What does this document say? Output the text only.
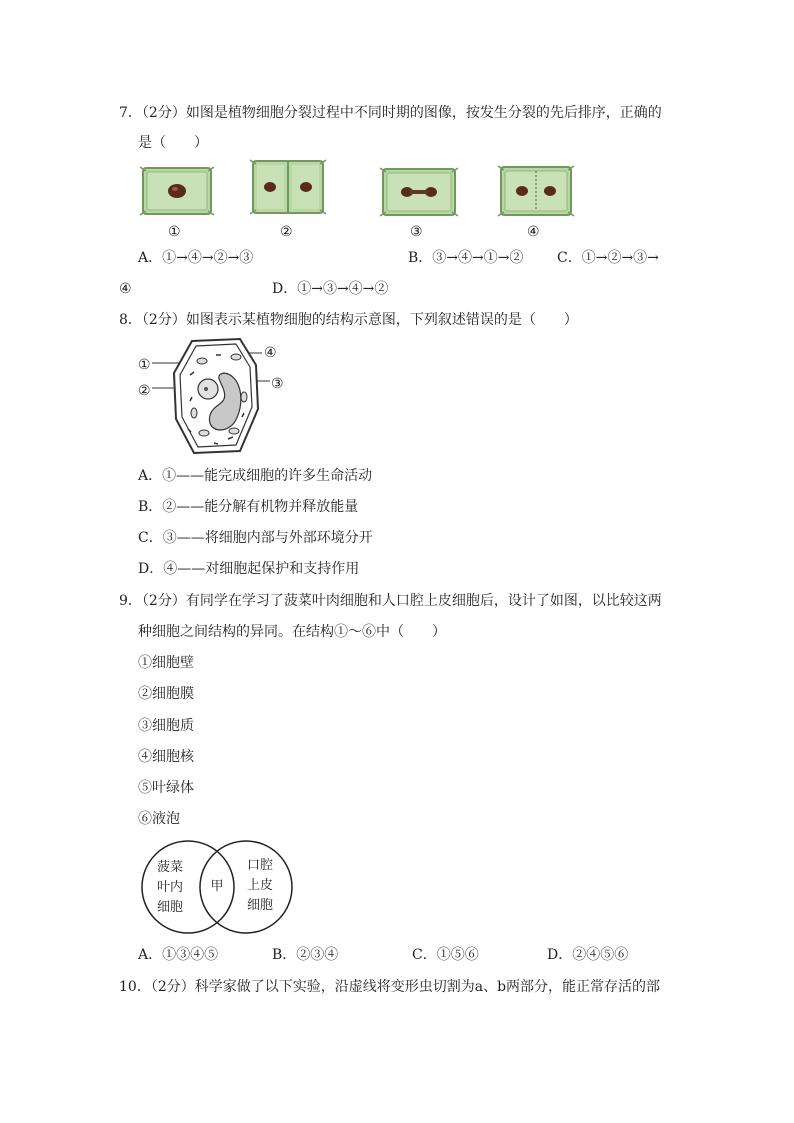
7．（2分）如图是植物细胞分裂过程中不同时期的图像，按发生分裂的先后排序，正确的
是（　　）
①	②	③	④
A．①→④→②→③	B．③→④→①→② C．①→②→③→
④	D．①→③→④→②
8．（2分）如图表示某植物细胞的结构示意图，下列叙述错误的是（　　）
①
②	③
④
A．①——能完成细胞的许多生命活动
B．②——能分解有机物并释放能量
C．③——将细胞内部与外部环境分开
D．④——对细胞起保护和支持作用
9．（2分）有同学在学习了菠菜叶肉细胞和人口腔上皮细胞后，设计了如图，以比较这两
种细胞之间结构的异同。在结构①～⑥中（　　）
①细胞壁
②细胞膜
③细胞质
④细胞核
⑤叶绿体
⑥液泡
菠菜
叶内
细胞
甲
口腔
上皮
细胞
A．①③④⑤	B．②③④	C．①⑤⑥	D．②④⑤⑥
10．（2分）科学家做了以下实验，沿虚线将变形虫切割为a、b两部分，能正常存活的部
